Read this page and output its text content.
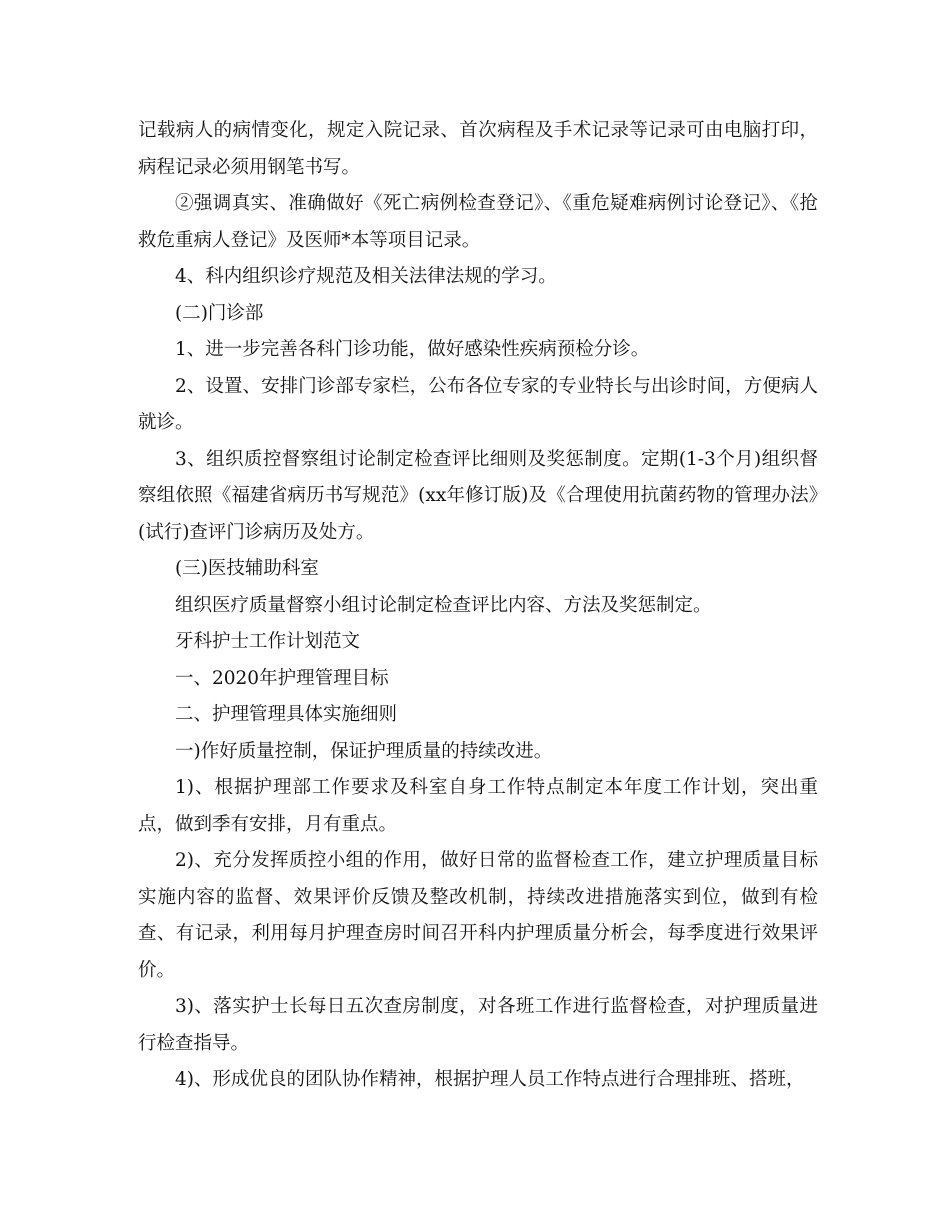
记载病人的病情变化，规定入院记录、首次病程及手术记录等记录可由电脑打印，病程记录必须用钢笔书写。

②强调真实、准确做好《死亡病例检查登记》、《重危疑难病例讨论登记》、《抢救危重病人登记》及医师*本等项目记录。

4、科内组织诊疗规范及相关法律法规的学习。

(二)门诊部

1、进一步完善各科门诊功能，做好感染性疾病预检分诊。

2、设置、安排门诊部专家栏，公布各位专家的专业特长与出诊时间，方便病人就诊。

3、组织质控督察组讨论制定检查评比细则及奖惩制度。定期(1-3个月)组织督察组依照《福建省病历书写规范》(xx年修订版)及《合理使用抗菌药物的管理办法》(试行)查评门诊病历及处方。

(三)医技辅助科室

组织医疗质量督察小组讨论制定检查评比内容、方法及奖惩制定。

牙科护士工作计划范文

一、2020年护理管理目标

二、护理管理具体实施细则

一)作好质量控制，保证护理质量的持续改进。

1)、根据护理部工作要求及科室自身工作特点制定本年度工作计划，突出重点，做到季有安排，月有重点。

2)、充分发挥质控小组的作用，做好日常的监督检查工作，建立护理质量目标实施内容的监督、效果评价反馈及整改机制，持续改进措施落实到位，做到有检查、有记录，利用每月护理查房时间召开科内护理质量分析会，每季度进行效果评价。

3)、落实护士长每日五次查房制度，对各班工作进行监督检查，对护理质量进行检查指导。

4)、形成优良的团队协作精神，根据护理人员工作特点进行合理排班、搭班，
